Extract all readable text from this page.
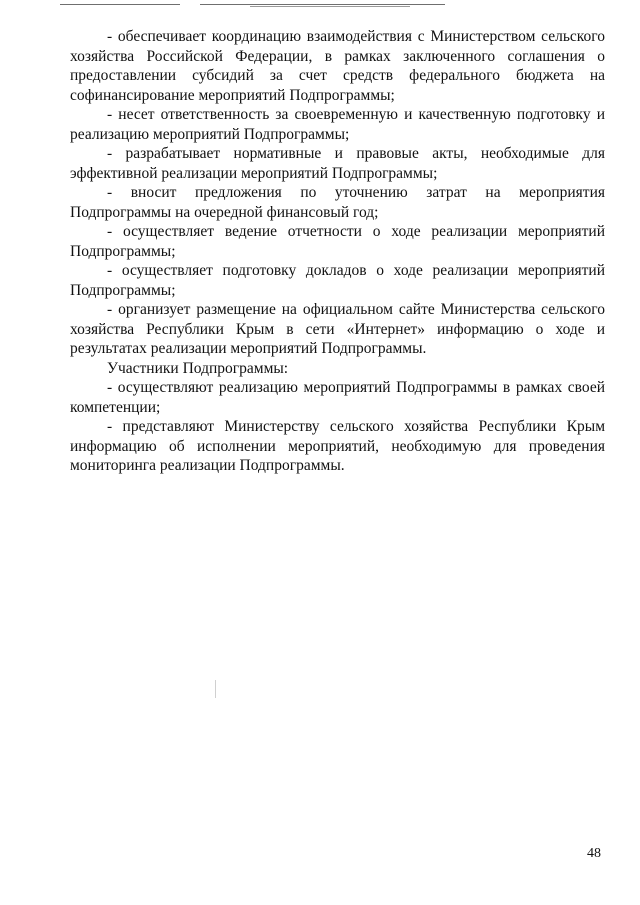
- обеспечивает координацию взаимодействия с Министерством сельского хозяйства Российской Федерации, в рамках заключенного соглашения о предоставлении субсидий за счет средств федерального бюджета на софинансирование мероприятий Подпрограммы;

- несет ответственность за своевременную и качественную подготовку и реализацию мероприятий Подпрограммы;

- разрабатывает нормативные и правовые акты, необходимые для эффективной реализации мероприятий Подпрограммы;

- вносит предложения по уточнению затрат на мероприятия Подпрограммы на очередной финансовый год;

- осуществляет ведение отчетности о ходе реализации мероприятий Подпрограммы;

- осуществляет подготовку докладов о ходе реализации мероприятий Подпрограммы;

- организует размещение на официальном сайте Министерства сельского хозяйства Республики Крым в сети «Интернет» информацию о ходе и результатах реализации мероприятий Подпрограммы.

Участники Подпрограммы:

- осуществляют реализацию мероприятий Подпрограммы в рамках своей компетенции;

- представляют Министерству сельского хозяйства Республики Крым информацию об исполнении мероприятий, необходимую для проведения мониторинга реализации Подпрограммы.

48
